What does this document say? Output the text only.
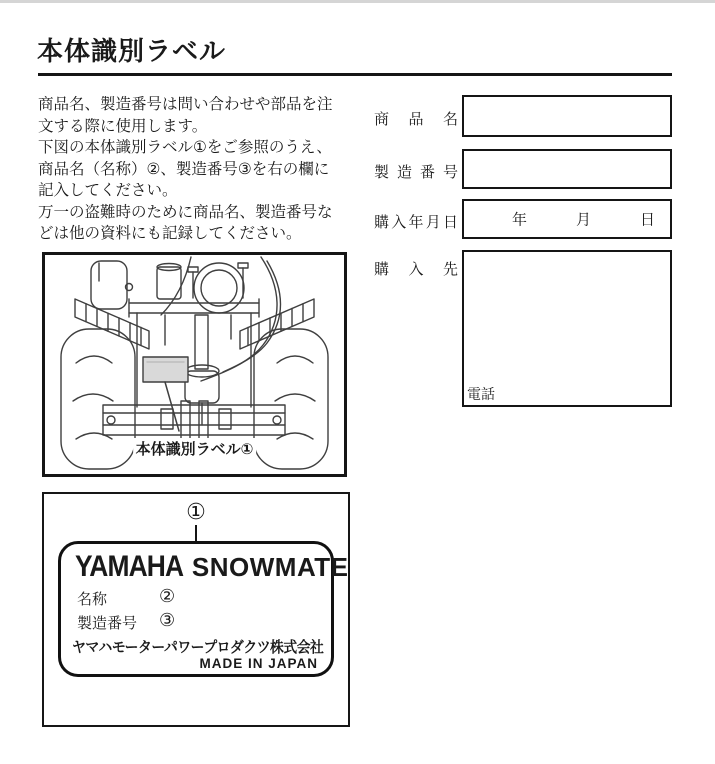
本体識別ラベル
商品名、製造番号は問い合わせや部品を注
文する際に使用します。
下図の本体識別ラベル①をご参照のうえ、
商品名（名称）②、製造番号③を右の欄に
記入してください。
万一の盗難時のために商品名、製造番号な
どは他の資料にも記録してください。
商品名
製造番号
購入年月日	年	月	日
購入先
電話
本体識別ラベル①
①
YAMAHA SNOWMATE
名称	②
製造番号 ③
ヤマハモーターパワープロダクツ株式会社
MADE IN JAPAN
